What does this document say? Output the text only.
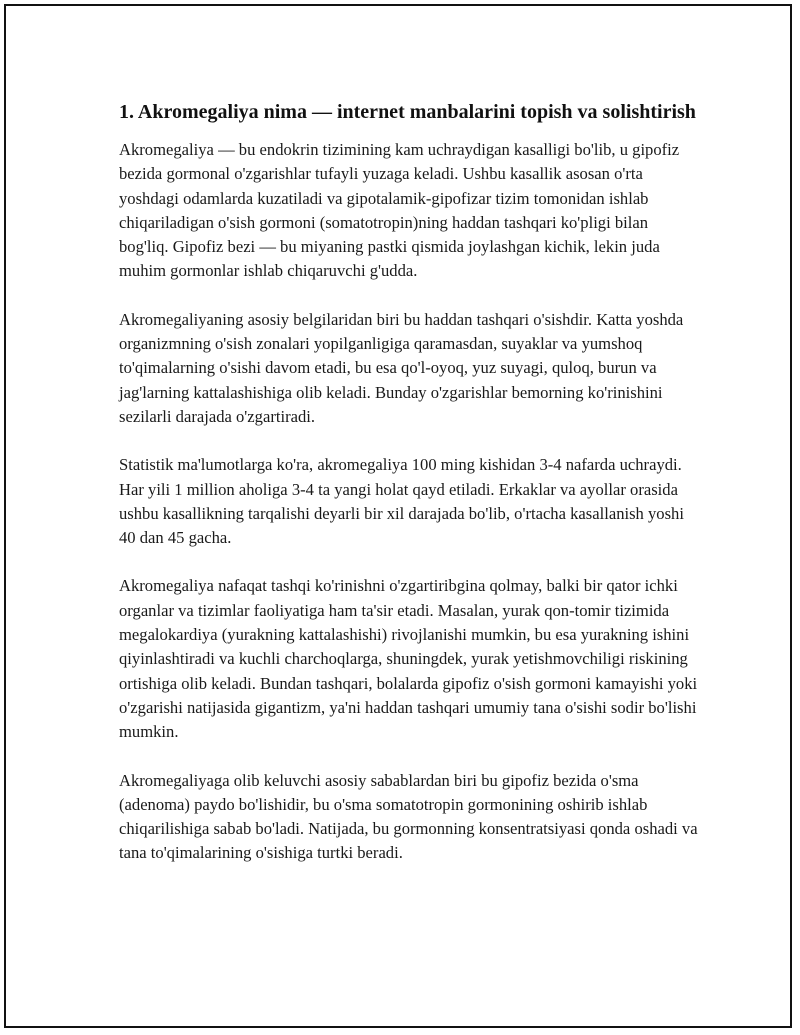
1. Akromegaliya nima — internet manbalarini topish va solishtirish

Akromegaliya — bu endokrin tizimining kam uchraydigan kasalligi bo'lib, u gipofiz bezida gormonal o'zgarishlar tufayli yuzaga keladi. Ushbu kasallik asosan o'rta yoshdagi odamlarda kuzatiladi va gipotalamik-gipofizar tizim tomonidan ishlab chiqariladigan o'sish gormoni (somatotropin)ning haddan tashqari ko'pligi bilan bog'liq. Gipofiz bezi — bu miyaning pastki qismida joylashgan kichik, lekin juda muhim gormonlar ishlab chiqaruvchi g'udda.

Akromegaliyaning asosiy belgilaridan biri bu haddan tashqari o'sishdir. Katta yoshda organizmning o'sish zonalari yopilganligiga qaramasdan, suyaklar va yumshoq to'qimalarning o'sishi davom etadi, bu esa qo'l-oyoq, yuz suyagi, quloq, burun va jag'larning kattalashishiga olib keladi. Bunday o'zgarishlar bemorning ko'rinishini sezilarli darajada o'zgartiradi.

Statistik ma'lumotlarga ko'ra, akromegaliya 100 ming kishidan 3-4 nafarda uchraydi. Har yili 1 million aholiga 3-4 ta yangi holat qayd etiladi. Erkaklar va ayollar orasida ushbu kasallikning tarqalishi deyarli bir xil darajada bo'lib, o'rtacha kasallanish yoshi 40 dan 45 gacha.

Akromegaliya nafaqat tashqi ko'rinishni o'zgartiribgina qolmay, balki bir qator ichki organlar va tizimlar faoliyatiga ham ta'sir etadi. Masalan, yurak qon-tomir tizimida megalokardiya (yurakning kattalashishi) rivojlanishi mumkin, bu esa yurakning ishini qiyinlashtiradi va kuchli charchoqlarga, shuningdek, yurak yetishmovchiligi riskining ortishiga olib keladi. Bundan tashqari, bolalarda gipofiz o'sish gormoni kamayishi yoki o'zgarishi natijasida gigantizm, ya'ni haddan tashqari umumiy tana o'sishi sodir bo'lishi mumkin.

Akromegaliyaga olib keluvchi asosiy sabablardan biri bu gipofiz bezida o'sma (adenoma) paydo bo'lishidir, bu o'sma somatotropin gormonining oshirib ishlab chiqarilishiga sabab bo'ladi. Natijada, bu gormonning konsentratsiyasi qonda oshadi va tana to'qimalarining o'sishiga turtki beradi.
